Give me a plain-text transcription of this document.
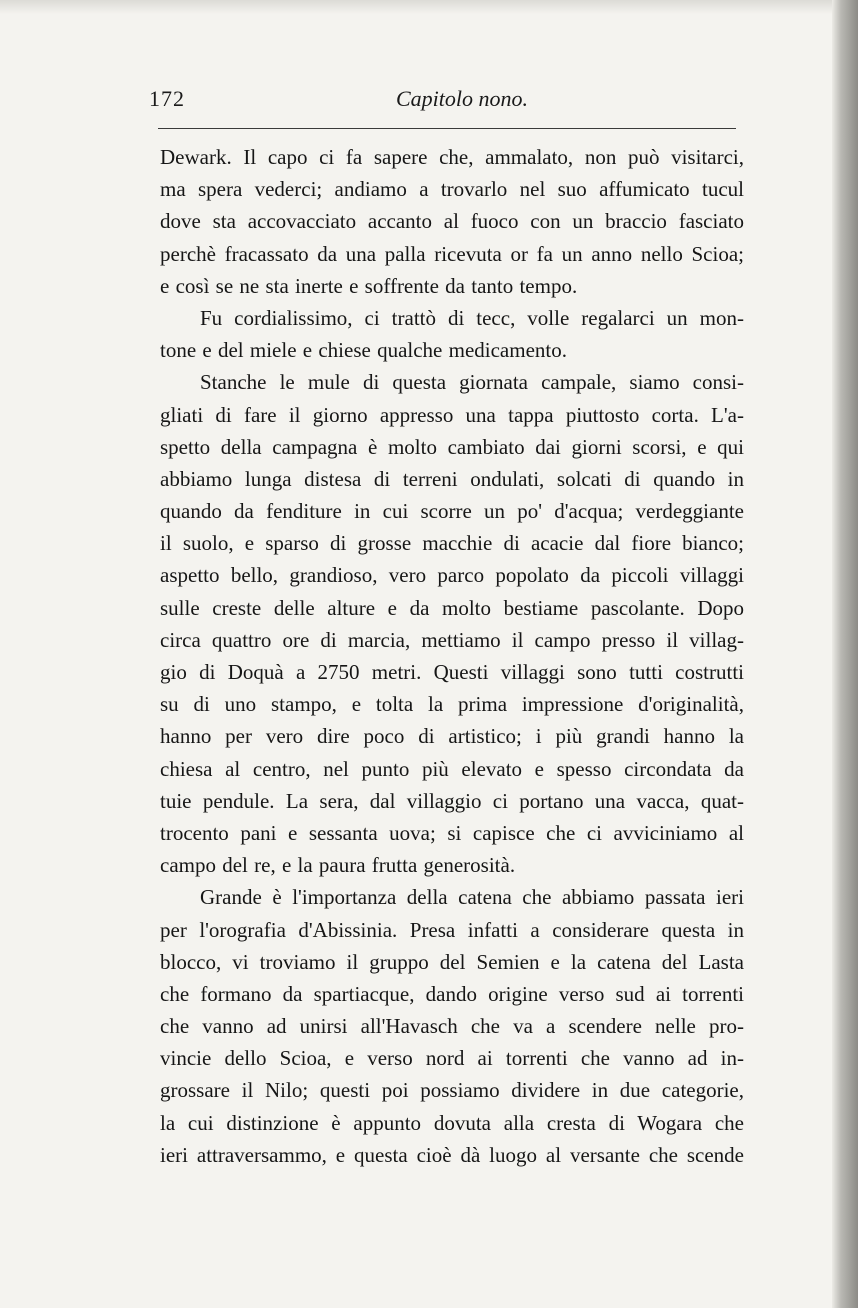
172	Capitolo nono.
Dewark. Il capo ci fa sapere che, ammalato, non può visitarci,
ma spera vederci; andiamo a trovarlo nel suo affumicato tucul
dove sta accovacciato accanto al fuoco con un braccio fasciato
perchè fracassato da una palla ricevuta or fa un anno nello Scioa;
e così se ne sta inerte e soffrente da tanto tempo.
Fu cordialissimo, ci trattò di tecc, volle regalarci un mon-
tone e del miele e chiese qualche medicamento.
Stanche le mule di questa giornata campale, siamo consi-
gliati di fare il giorno appresso una tappa piuttosto corta. L'a-
spetto della campagna è molto cambiato dai giorni scorsi, e qui
abbiamo lunga distesa di terreni ondulati, solcati di quando in
quando da fenditure in cui scorre un po' d'acqua; verdeggiante
il suolo, e sparso di grosse macchie di acacie dal fiore bianco;
aspetto bello, grandioso, vero parco popolato da piccoli villaggi
sulle creste delle alture e da molto bestiame pascolante. Dopo
circa quattro ore di marcia, mettiamo il campo presso il villag-
gio di Doquà a 2750 metri. Questi villaggi sono tutti costrutti
su di uno stampo, e tolta la prima impressione d'originalità,
hanno per vero dire poco di artistico; i più grandi hanno la
chiesa al centro, nel punto più elevato e spesso circondata da
tuie pendule. La sera, dal villaggio ci portano una vacca, quat-
trocento pani e sessanta uova; si capisce che ci avviciniamo al
campo del re, e la paura frutta generosità.
Grande è l'importanza della catena che abbiamo passata ieri
per l'orografia d'Abissinia. Presa infatti a considerare questa in
blocco, vi troviamo il gruppo del Semien e la catena del Lasta
che formano da spartiacque, dando origine verso sud ai torrenti
che vanno ad unirsi all'Havasch che va a scendere nelle pro-
vincie dello Scioa, e verso nord ai torrenti che vanno ad in-
grossare il Nilo; questi poi possiamo dividere in due categorie,
la cui distinzione è appunto dovuta alla cresta di Wogara che
ieri attraversammo, e questa cioè dà luogo al versante che scende
